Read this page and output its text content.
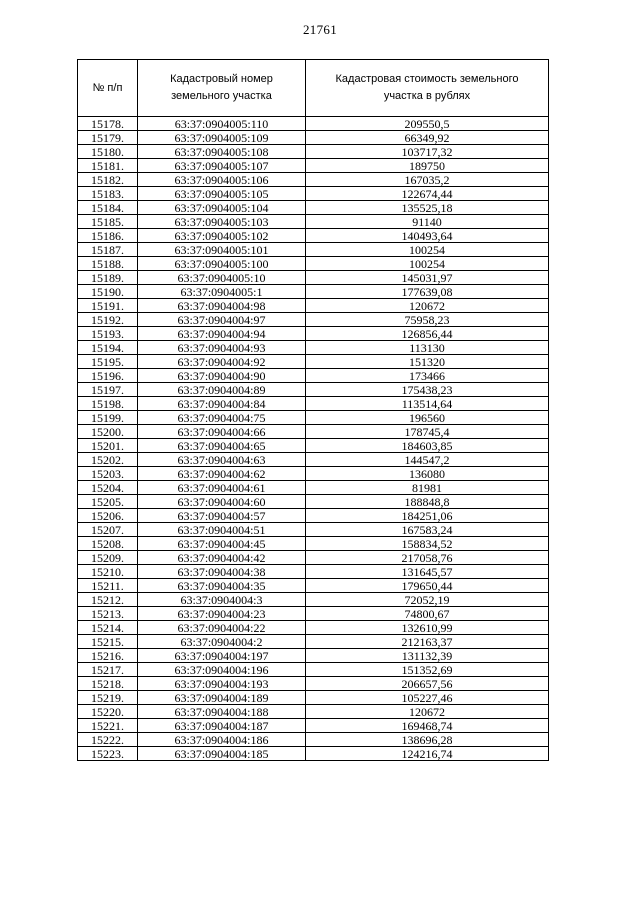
21761
№ п/п	Кадастровый номер земельного участка	Кадастровая стоимость земельного участка в рублях
15178.	63:37:0904005:110	209550,5
15179.	63:37:0904005:109	66349,92
15180.	63:37:0904005:108	103717,32
15181.	63:37:0904005:107	189750
15182.	63:37:0904005:106	167035,2
15183.	63:37:0904005:105	122674,44
15184.	63:37:0904005:104	135525,18
15185.	63:37:0904005:103	91140
15186.	63:37:0904005:102	140493,64
15187.	63:37:0904005:101	100254
15188.	63:37:0904005:100	100254
15189.	63:37:0904005:10	145031,97
15190.	63:37:0904005:1	177639,08
15191.	63:37:0904004:98	120672
15192.	63:37:0904004:97	75958,23
15193.	63:37:0904004:94	126856,44
15194.	63:37:0904004:93	113130
15195.	63:37:0904004:92	151320
15196.	63:37:0904004:90	173466
15197.	63:37:0904004:89	175438,23
15198.	63:37:0904004:84	113514,64
15199.	63:37:0904004:75	196560
15200.	63:37:0904004:66	178745,4
15201.	63:37:0904004:65	184603,85
15202.	63:37:0904004:63	144547,2
15203.	63:37:0904004:62	136080
15204.	63:37:0904004:61	81981
15205.	63:37:0904004:60	188848,8
15206.	63:37:0904004:57	184251,06
15207.	63:37:0904004:51	167583,24
15208.	63:37:0904004:45	158834,52
15209.	63:37:0904004:42	217058,76
15210.	63:37:0904004:38	131645,57
15211.	63:37:0904004:35	179650,44
15212.	63:37:0904004:3	72052,19
15213.	63:37:0904004:23	74800,67
15214.	63:37:0904004:22	132610,99
15215.	63:37:0904004:2	212163,37
15216.	63:37:0904004:197	131132,39
15217.	63:37:0904004:196	151352,69
15218.	63:37:0904004:193	206657,56
15219.	63:37:0904004:189	105227,46
15220.	63:37:0904004:188	120672
15221.	63:37:0904004:187	169468,74
15222.	63:37:0904004:186	138696,28
15223.	63:37:0904004:185	124216,74
